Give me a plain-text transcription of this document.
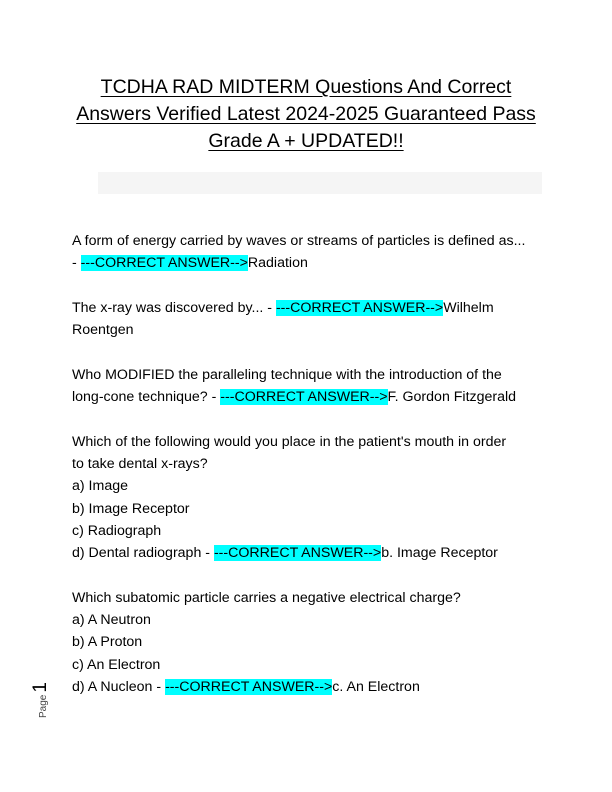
TCDHA RAD MIDTERM Questions And Correct
Answers Verified Latest 2024-2025 Guaranteed Pass
Grade A + UPDATED!!
A form of energy carried by waves or streams of particles is defined as...
- ---CORRECT ANSWER-->Radiation
The x-ray was discovered by... - ---CORRECT ANSWER-->Wilhelm
Roentgen
Who MODIFIED the paralleling technique with the introduction of the
long-cone technique? - ---CORRECT ANSWER-->F. Gordon Fitzgerald
Which of the following would you place in the patient's mouth in order
to take dental x-rays?
a) Image
b) Image Receptor
c) Radiograph
d) Dental radiograph - ---CORRECT ANSWER-->b. Image Receptor
Which subatomic particle carries a negative electrical charge?
a) A Neutron
b) A Proton
c) An Electron
d) A Nucleon - ---CORRECT ANSWER-->c. An Electron
Page
1
